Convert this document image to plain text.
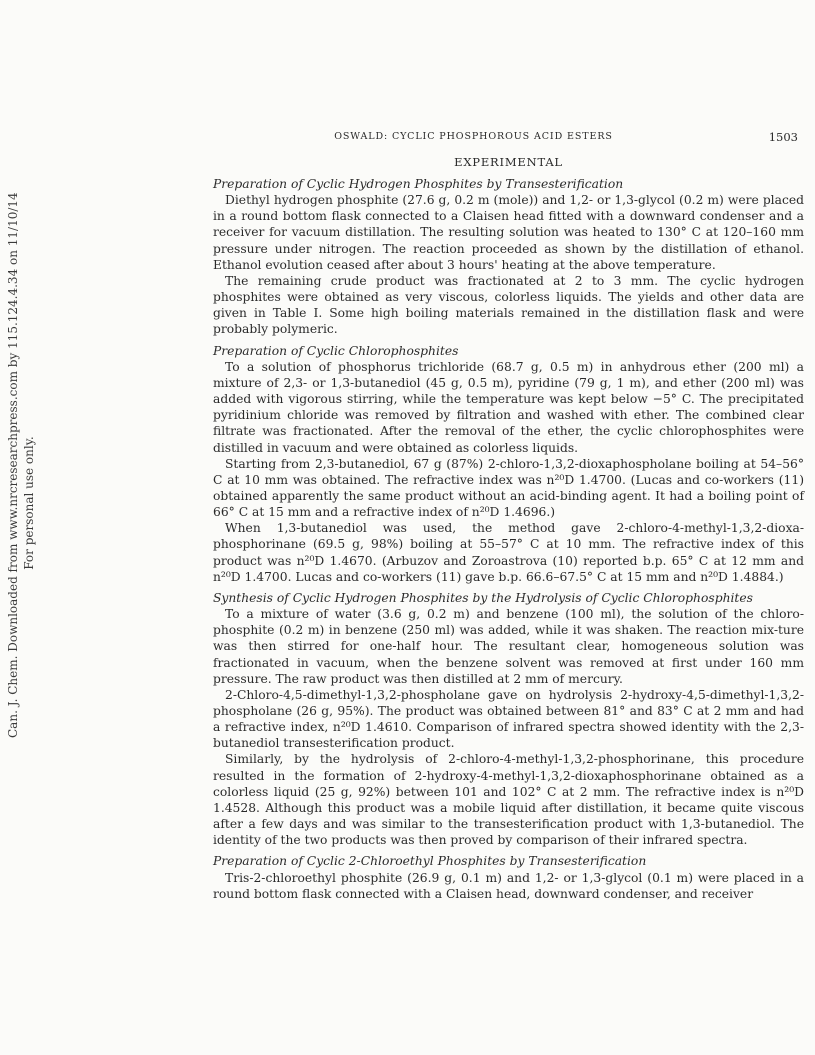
OSWALD: CYCLIC PHOSPHOROUS ACID ESTERS	1503
EXPERIMENTAL

Preparation of Cyclic Hydrogen Phosphites by Transesterification

Diethyl hydrogen phosphite (27.6 g, 0.2 m (mole)) and 1,2- or 1,3-glycol (0.2 m) were placed in a round bottom flask connected to a Claisen head fitted with a downward condenser and a receiver for vacuum distillation. The resulting solution was heated to 130° C at 120–160 mm pressure under nitrogen. The reaction proceeded as shown by the distillation of ethanol. Ethanol evolution ceased after about 3 hours' heating at the above temperature.

The remaining crude product was fractionated at 2 to 3 mm. The cyclic hydrogen phosphites were obtained as very viscous, colorless liquids. The yields and other data are given in Table I. Some high boiling materials remained in the distillation flask and were probably polymeric.

Preparation of Cyclic Chlorophosphites

To a solution of phosphorus trichloride (68.7 g, 0.5 m) in anhydrous ether (200 ml) a mixture of 2,3- or 1,3-butanediol (45 g, 0.5 m), pyridine (79 g, 1 m), and ether (200 ml) was added with vigorous stirring, while the temperature was kept below −5° C. The precipitated pyridinium chloride was removed by filtration and washed with ether. The combined clear filtrate was fractionated. After the removal of the ether, the cyclic chlorophosphites were distilled in vacuum and were obtained as colorless liquids.

Starting from 2,3-butanediol, 67 g (87%) 2-chloro-1,3,2-dioxaphospholane boiling at 54–56° C at 10 mm was obtained. The refractive index was n²⁰D 1.4700. (Lucas and co-workers (11) obtained apparently the same product without an acid-binding agent. It had a boiling point of 66° C at 15 mm and a refractive index of n²⁰D 1.4696.)

When 1,3-butanediol was used, the method gave 2-chloro-4-methyl-1,3,2-dioxa-phosphorinane (69.5 g, 98%) boiling at 55–57° C at 10 mm. The refractive index of this product was n²⁰D 1.4670. (Arbuzov and Zoroastrova (10) reported b.p. 65° C at 12 mm and n²⁰D 1.4700. Lucas and co-workers (11) gave b.p. 66.6–67.5° C at 15 mm and n²⁰D 1.4884.)

Synthesis of Cyclic Hydrogen Phosphites by the Hydrolysis of Cyclic Chlorophosphites

To a mixture of water (3.6 g, 0.2 m) and benzene (100 ml), the solution of the chloro-phosphite (0.2 m) in benzene (250 ml) was added, while it was shaken. The reaction mix-ture was then stirred for one-half hour. The resultant clear, homogeneous solution was fractionated in vacuum, when the benzene solvent was removed at first under 160 mm pressure. The raw product was then distilled at 2 mm of mercury.

2-Chloro-4,5-dimethyl-1,3,2-phospholane gave on hydrolysis 2-hydroxy-4,5-dimethyl-1,3,2-phospholane (26 g, 95%). The product was obtained between 81° and 83° C at 2 mm and had a refractive index, n²⁰D 1.4610. Comparison of infrared spectra showed identity with the 2,3-butanediol transesterification product.

Similarly, by the hydrolysis of 2-chloro-4-methyl-1,3,2-phosphorinane, this procedure resulted in the formation of 2-hydroxy-4-methyl-1,3,2-dioxaphosphorinane obtained as a colorless liquid (25 g, 92%) between 101 and 102° C at 2 mm. The refractive index is n²⁰D 1.4528. Although this product was a mobile liquid after distillation, it became quite viscous after a few days and was similar to the transesterification product with 1,3-butanediol. The identity of the two products was then proved by comparison of their infrared spectra.

Preparation of Cyclic 2-Chloroethyl Phosphites by Transesterification

Tris-2-chloroethyl phosphite (26.9 g, 0.1 m) and 1,2- or 1,3-glycol (0.1 m) were placed in a round bottom flask connected with a Claisen head, downward condenser, and receiver

Can. J. Chem. Downloaded from www.nrcresearchpress.com by 115.124.4.34 on 11/10/14 For personal use only.
